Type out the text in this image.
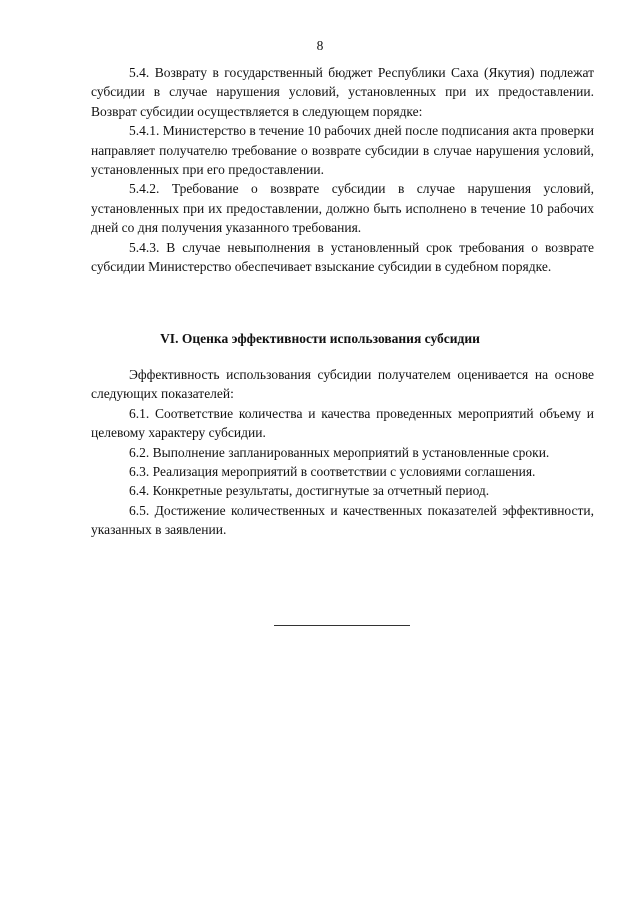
8

5.4. Возврату в государственный бюджет Республики Саха (Якутия) подлежат субсидии в случае нарушения условий, установленных при их предоставлении. Возврат субсидии осуществляется в следующем порядке:

5.4.1. Министерство в течение 10 рабочих дней после подписания акта проверки направляет получателю требование о возврате субсидии в случае нарушения условий, установленных при его предоставлении.

5.4.2. Требование о возврате субсидии в случае нарушения условий, установленных при их предоставлении, должно быть исполнено в течение 10 рабочих дней со дня получения указанного требования.

5.4.3. В случае невыполнения в установленный срок требования о возврате субсидии Министерство обеспечивает взыскание субсидии в судебном порядке.

VI. Оценка эффективности использования субсидии

Эффективность использования субсидии получателем оценивается на основе следующих показателей:

6.1. Соответствие количества и качества проведенных мероприятий объему и целевому характеру субсидии.

6.2. Выполнение запланированных мероприятий в установленные сроки.

6.3. Реализация мероприятий в соответствии с условиями соглашения.

6.4. Конкретные результаты, достигнутые за отчетный период.

6.5. Достижение количественных и качественных показателей эффективности, указанных в заявлении.
